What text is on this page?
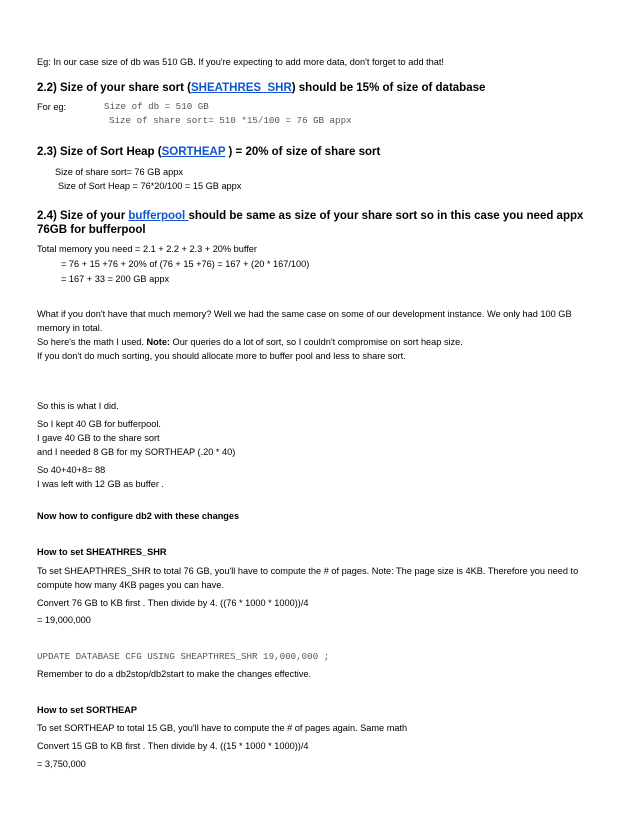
Eg: In our case size of db was 510 GB. If you're expecting to add more data, don't forget to add that!
2.2) Size of your share sort (SHEATHRES_SHR) should be 15% of size of database
For eg:	Size of db = 510 GB
Size of share sort= 510 *15/100 = 76 GB appx
2.3) Size of Sort Heap (SORTHEAP ) = 20% of size of share sort
Size of share sort= 76 GB appx
Size of Sort Heap = 76*20/100 = 15 GB appx
2.4) Size of your bufferpool should be same as size of your share sort so in this case you need appx 76GB for bufferpool
Total memory you need = 2.1 + 2.2 + 2.3 + 20% buffer
= 76 + 15 +76 + 20% of (76 + 15 +76) = 167 + (20 * 167/100)
= 167 + 33 = 200 GB appx
What if you don't have that much memory? Well we had the same case on some of our development instance. We only had 100 GB memory in total.
So here's the math I used. Note: Our queries do a lot of sort, so I couldn't compromise on sort heap size.
If you don't do much sorting, you should allocate more to buffer pool and less to share sort.
So this is what I did.
So I kept 40 GB for bufferpool.
I gave 40 GB to the share sort
and I needed 8 GB for my SORTHEAP (.20 * 40)
So 40+40+8= 88
I was left with 12 GB as buffer .
Now how to configure db2 with these changes
How to set SHEATHRES_SHR
To set SHEAPTHRES_SHR to total 76 GB, you'll have to compute the # of pages. Note: The page size is 4KB. Therefore you need to compute how many 4KB pages you can have.
Convert 76 GB to KB first . Then divide by 4. ((76 * 1000 * 1000))/4
= 19,000,000
UPDATE DATABASE CFG USING SHEAPTHRES_SHR 19,000,000 ;
Remember to do a db2stop/db2start to make the changes effective.
How to set SORTHEAP
To set SORTHEAP to total 15 GB, you'll have to compute the # of pages again. Same math
Convert 15 GB to KB first . Then divide by 4. ((15 * 1000 * 1000))/4
= 3,750,000
